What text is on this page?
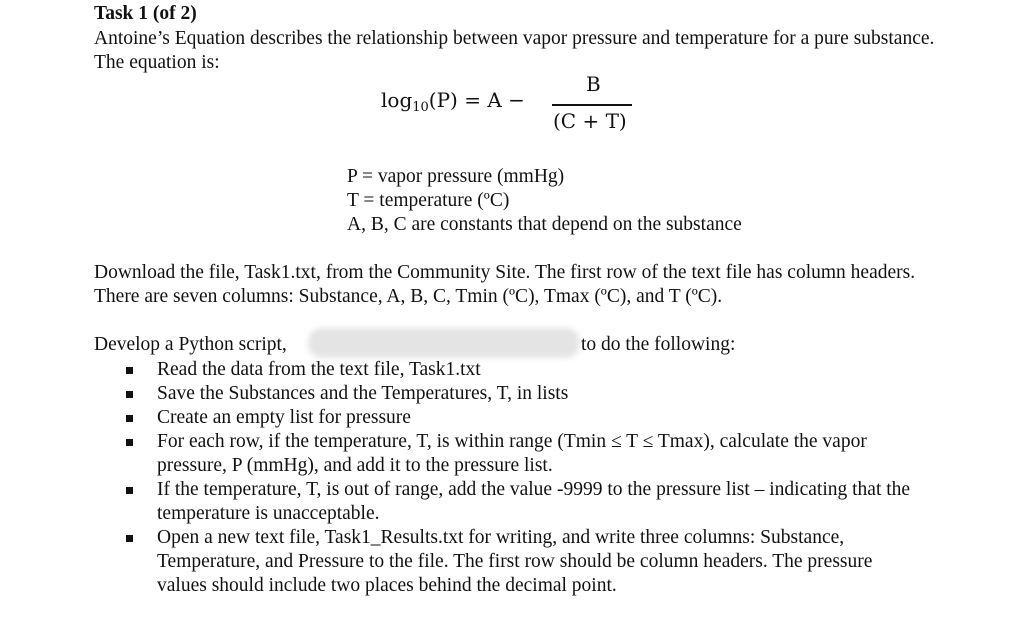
Task 1 (of 2)
Antoine’s Equation describes the relationship between vapor pressure and temperature for a pure substance. The equation is:
$\log_{10}(P) = A$ −
B
(C + T)
P = vapor pressure (mmHg)
T = temperature (ºC)
A, B, C are constants that depend on the substance
Download the file, Task1.txt, from the Community Site. The first row of the text file has column headers. There are seven columns: Substance, A, B, C, Tmin (ºC), Tmax (ºC), and T (ºC).
Develop a Python script,	to do the following:
Read the data from the text file, Task1.txt
Save the Substances and the Temperatures, T, in lists
Create an empty list for pressure
For each row, if the temperature, T, is within range (Tmin ≤ T ≤ Tmax), calculate the vapor pressure, P (mmHg), and add it to the pressure list.
If the temperature, T, is out of range, add the value -9999 to the pressure list – indicating that the temperature is unacceptable.
Open a new text file, Task1_Results.txt for writing, and write three columns: Substance, Temperature, and Pressure to the file. The first row should be column headers. The pressure values should include two places behind the decimal point.
